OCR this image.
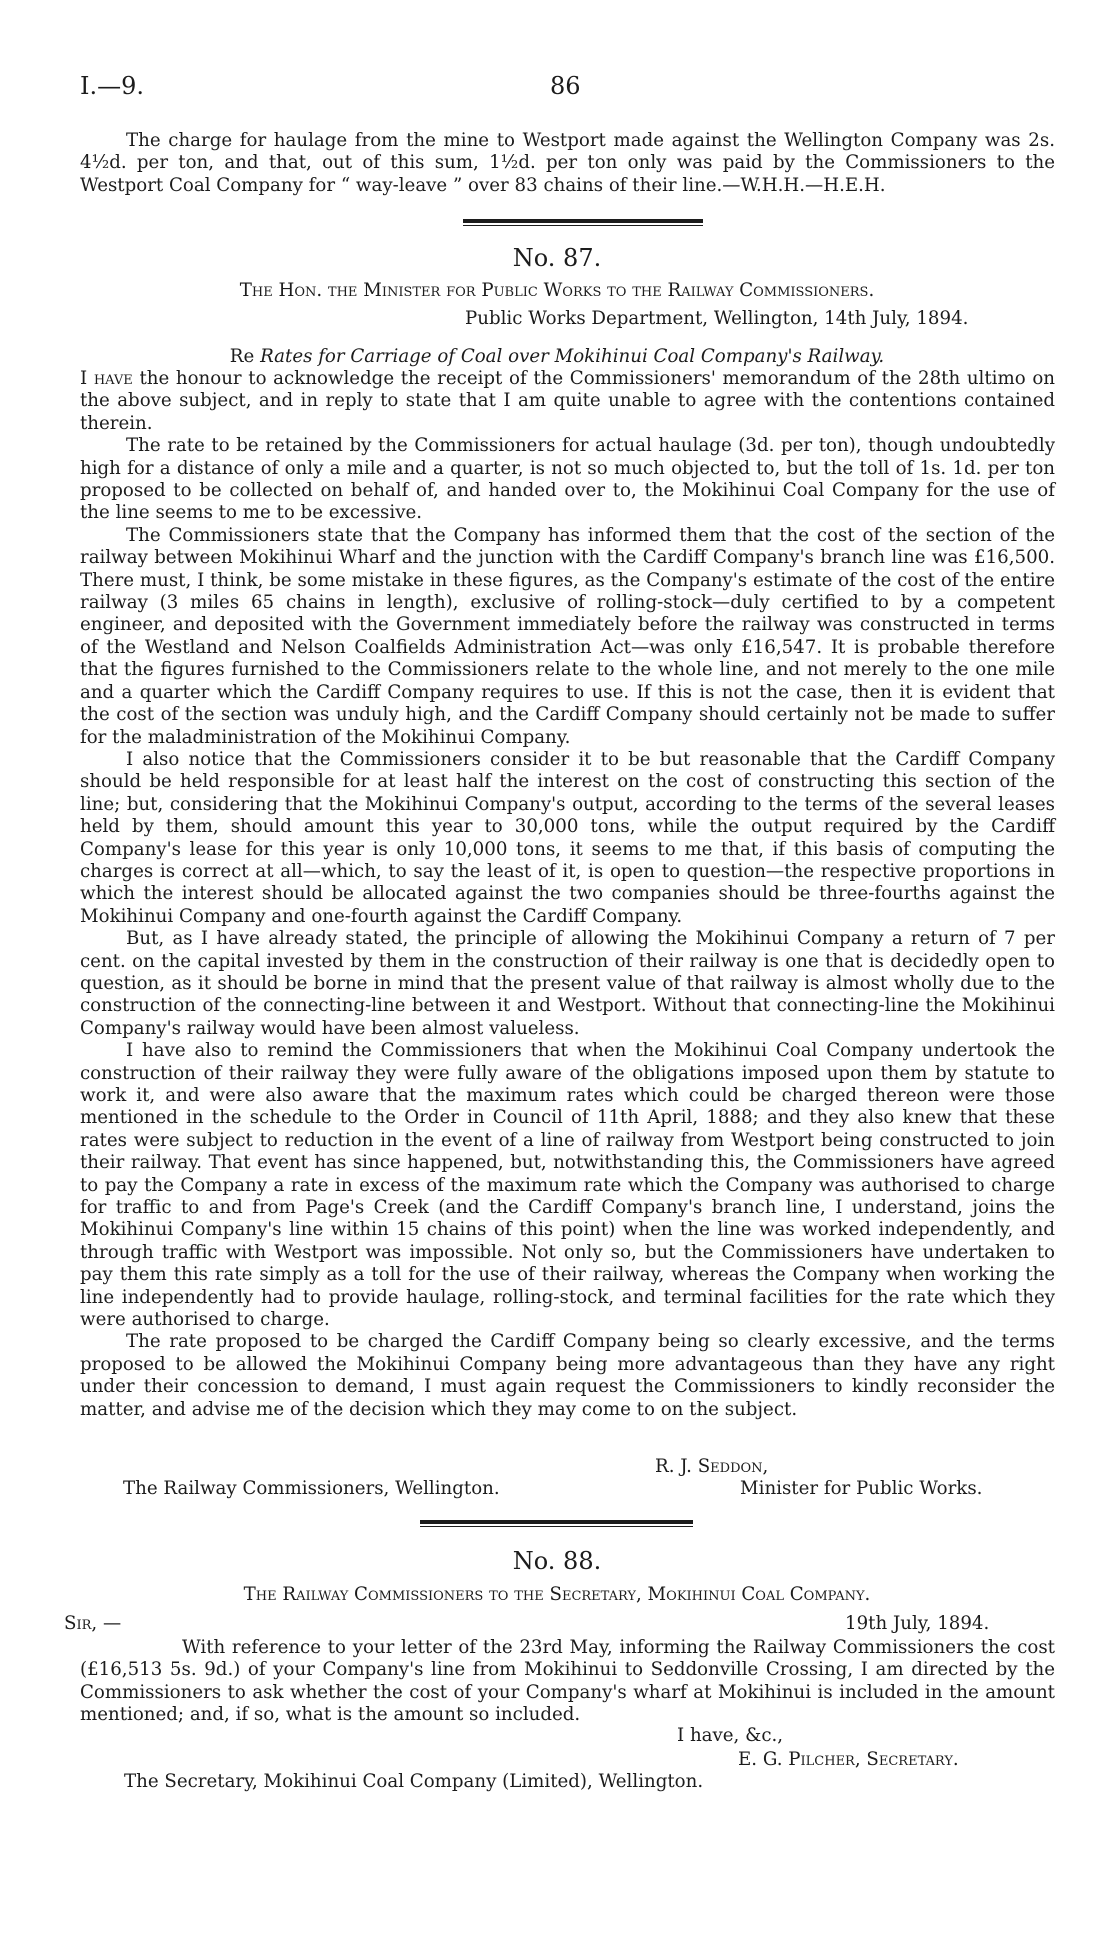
I.—9.	86
The charge for haulage from the mine to Westport made against the Wellington Company was 2s. 4½d. per ton, and that, out of this sum, 1½d. per ton only was paid by the Commissioners to the Westport Coal Company for “ way-leave ” over 83 chains of their line.—W.H.H.—H.E.H.
No. 87.
The Hon. the Minister for Public Works to the Railway Commissioners.
Public Works Department, Wellington, 14th July, 1894.
Re Rates for Carriage of Coal over Mokihinui Coal Company's Railway.

I have the honour to acknowledge the receipt of the Commissioners' memorandum of the 28th ultimo on the above subject, and in reply to state that I am quite unable to agree with the contentions contained therein.

The rate to be retained by the Commissioners for actual haulage (3d. per ton), though undoubtedly high for a distance of only a mile and a quarter, is not so much objected to, but the toll of 1s. 1d. per ton proposed to be collected on behalf of, and handed over to, the Mokihinui Coal Company for the use of the line seems to me to be excessive.

The Commissioners state that the Company has informed them that the cost of the section of the railway between Mokihinui Wharf and the junction with the Cardiff Company's branch line was £16,500. There must, I think, be some mistake in these figures, as the Company's estimate of the cost of the entire railway (3 miles 65 chains in length), exclusive of rolling-stock—duly certified to by a competent engineer, and deposited with the Government immediately before the railway was constructed in terms of the Westland and Nelson Coalfields Administration Act—was only £16,547. It is probable therefore that the figures furnished to the Commissioners relate to the whole line, and not merely to the one mile and a quarter which the Cardiff Company requires to use. If this is not the case, then it is evident that the cost of the section was unduly high, and the Cardiff Company should certainly not be made to suffer for the maladministration of the Mokihinui Company.

I also notice that the Commissioners consider it to be but reasonable that the Cardiff Company should be held responsible for at least half the interest on the cost of constructing this section of the line; but, considering that the Mokihinui Company's output, according to the terms of the several leases held by them, should amount this year to 30,000 tons, while the output required by the Cardiff Company's lease for this year is only 10,000 tons, it seems to me that, if this basis of computing the charges is correct at all—which, to say the least of it, is open to question—the respective proportions in which the interest should be allocated against the two companies should be three-fourths against the Mokihinui Company and one-fourth against the Cardiff Company.

But, as I have already stated, the principle of allowing the Mokihinui Company a return of 7 per cent. on the capital invested by them in the construction of their railway is one that is decidedly open to question, as it should be borne in mind that the present value of that railway is almost wholly due to the construction of the connecting-line between it and Westport. Without that connecting-line the Mokihinui Company's railway would have been almost valueless.

I have also to remind the Commissioners that when the Mokihinui Coal Company undertook the construction of their railway they were fully aware of the obligations imposed upon them by statute to work it, and were also aware that the maximum rates which could be charged thereon were those mentioned in the schedule to the Order in Council of 11th April, 1888; and they also knew that these rates were subject to reduction in the event of a line of railway from Westport being constructed to join their railway. That event has since happened, but, notwithstanding this, the Commissioners have agreed to pay the Company a rate in excess of the maximum rate which the Company was authorised to charge for traffic to and from Page's Creek (and the Cardiff Company's branch line, I understand, joins the Mokihinui Company's line within 15 chains of this point) when the line was worked independently, and through traffic with Westport was impossible. Not only so, but the Commissioners have undertaken to pay them this rate simply as a toll for the use of their railway, whereas the Company when working the line independently had to provide haulage, rolling-stock, and terminal facilities for the rate which they were authorised to charge.

The rate proposed to be charged the Cardiff Company being so clearly excessive, and the terms proposed to be allowed the Mokihinui Company being more advantageous than they have any right under their concession to demand, I must again request the Commissioners to kindly reconsider the matter, and advise me of the decision which they may come to on the subject.

R. J. Seddon,
The Railway Commissioners, Wellington.	Minister for Public Works.
No. 88.
The Railway Commissioners to the Secretary, Mokihinui Coal Company.
Sir, —	19th July, 1894.
With reference to your letter of the 23rd May, informing the Railway Commissioners the cost (£16,513 5s. 9d.) of your Company's line from Mokihinui to Seddonville Crossing, I am directed by the Commissioners to ask whether the cost of your Company's wharf at Mokihinui is included in the amount mentioned; and, if so, what is the amount so included.
I have, &c.,
E. G. Pilcher, Secretary.
The Secretary, Mokihinui Coal Company (Limited), Wellington.
